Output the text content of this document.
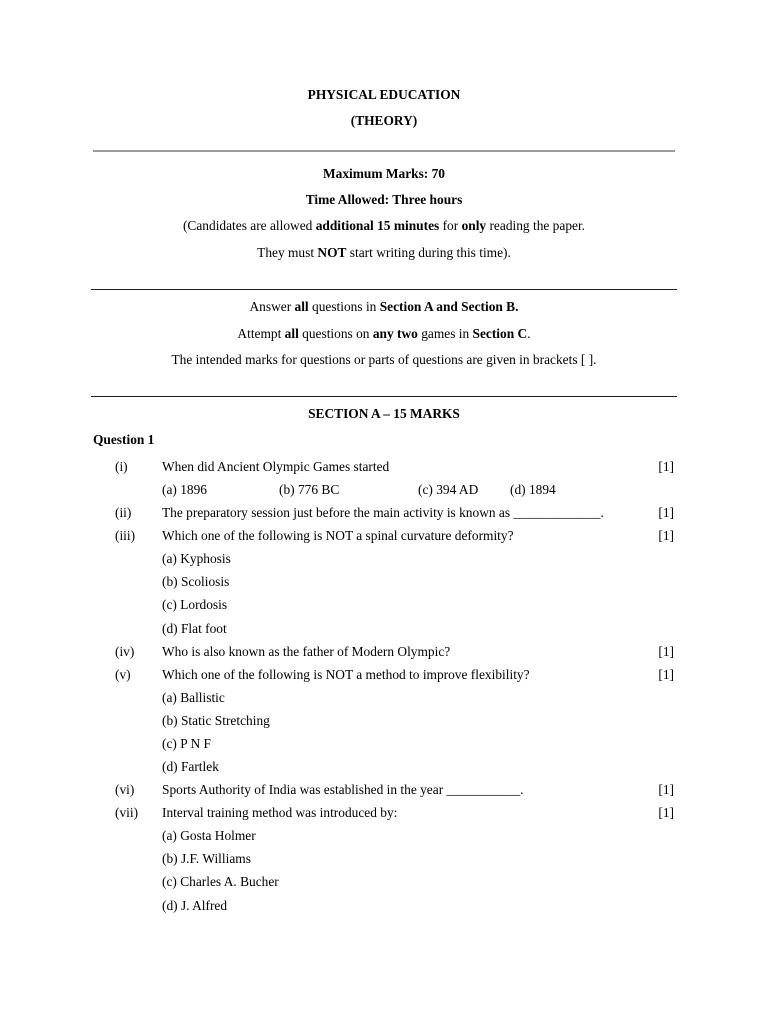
PHYSICAL EDUCATION
(THEORY)
Maximum Marks: 70
Time Allowed: Three hours
(Candidates are allowed additional 15 minutes for only reading the paper.
They must NOT start writing during this time).
Answer all questions in Section A and Section B.
Attempt all questions on any two games in Section C.
The intended marks for questions or parts of questions are given in brackets [ ].
SECTION A – 15 MARKS
Question 1
(i)	When did Ancient Olympic Games started	[1]
(a) 1896	(b) 776 BC	(c) 394 AD (d) 1894
(ii) The preparatory session just before the main activity is known as _____________.	[1]
(iii) Which one of the following is NOT a spinal curvature deformity?	[1]
(a) Kyphosis
(b) Scoliosis
(c) Lordosis
(d) Flat foot
(iv) Who is also known as the father of Modern Olympic?	[1]
(v) Which one of the following is NOT a method to improve flexibility?	[1]
(a) Ballistic
(b) Static Stretching
(c) P N F
(d) Fartlek
(vi) Sports Authority of India was established in the year ___________.	[1]
(vii) Interval training method was introduced by:	[1]
(a) Gosta Holmer
(b) J.F. Williams
(c) Charles A. Bucher
(d) J. Alfred
